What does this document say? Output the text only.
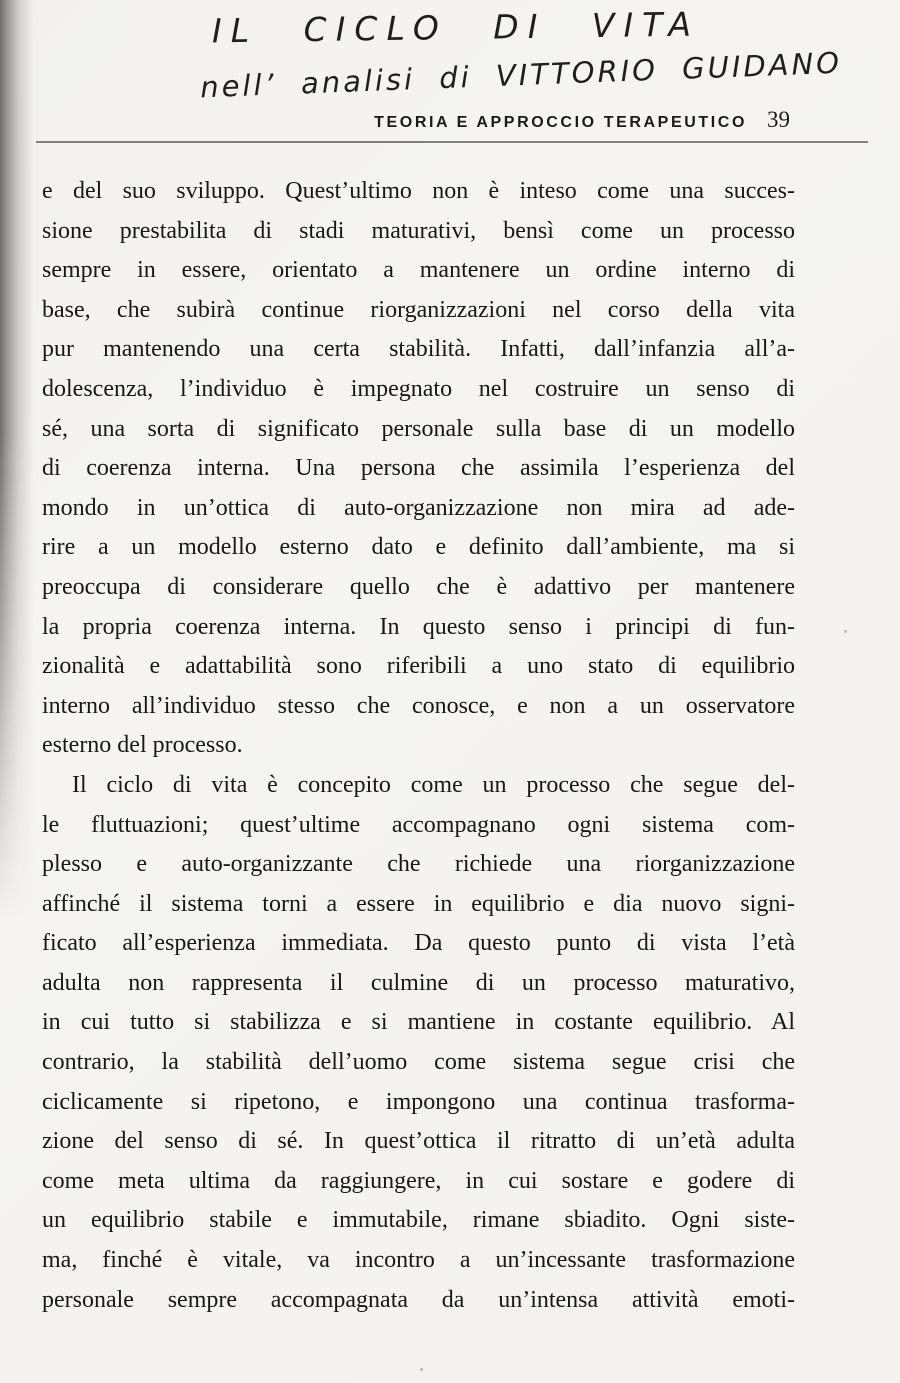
IL CICLO DI VITA
nell’ analisi di VITTORIO GUIDANO
TEORIA E APPROCCIO TERAPEUTICO 39
e del suo sviluppo. Quest’ultimo non è inteso come una succes-
sione prestabilita di stadi maturativi, bensì come un processo
sempre in essere, orientato a mantenere un ordine interno di
base, che subirà continue riorganizzazioni nel corso della vita
pur mantenendo una certa stabilità. Infatti, dall’infanzia all’a-
dolescenza, l’individuo è impegnato nel costruire un senso di
sé, una sorta di significato personale sulla base di un modello
di coerenza interna. Una persona che assimila l’esperienza del
mondo in un’ottica di auto-organizzazione non mira ad ade-
rire a un modello esterno dato e definito dall’ambiente, ma si
preoccupa di considerare quello che è adattivo per mantenere
la propria coerenza interna. In questo senso i principi di fun-
zionalità e adattabilità sono riferibili a uno stato di equilibrio
interno all’individuo stesso che conosce, e non a un osservatore
esterno del processo.
Il ciclo di vita è concepito come un processo che segue del-
le fluttuazioni; quest’ultime accompagnano ogni sistema com-
plesso e auto-organizzante che richiede una riorganizzazione
affinché il sistema torni a essere in equilibrio e dia nuovo signi-
ficato all’esperienza immediata. Da questo punto di vista l’età
adulta non rappresenta il culmine di un processo maturativo,
in cui tutto si stabilizza e si mantiene in costante equilibrio. Al
contrario, la stabilità dell’uomo come sistema segue crisi che
ciclicamente si ripetono, e impongono una continua trasforma-
zione del senso di sé. In quest’ottica il ritratto di un’età adulta
come meta ultima da raggiungere, in cui sostare e godere di
un equilibrio stabile e immutabile, rimane sbiadito. Ogni siste-
ma, finché è vitale, va incontro a un’incessante trasformazione
personale sempre accompagnata da un’intensa attività emoti-
